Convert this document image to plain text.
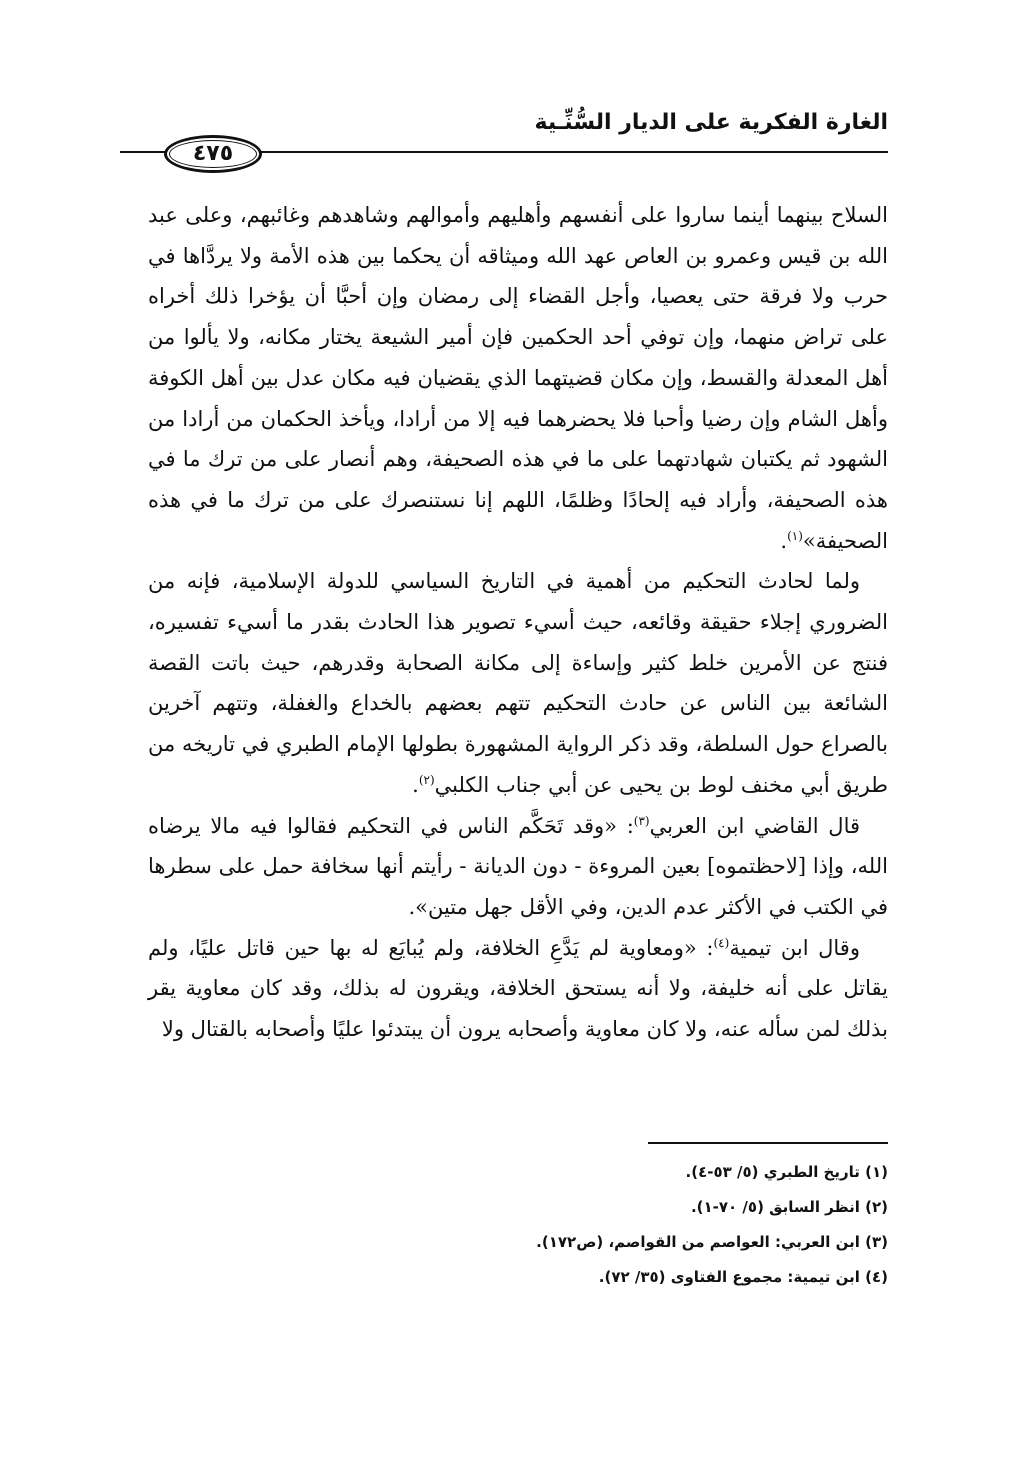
الغارة الفكرية على الديار السُّنِّـية
٤٧٥

السلاح بينهما أينما ساروا على أنفسهم وأهليهم وأموالهم وشاهدهم وغائبهم، وعلى عبد الله بن قيس وعمرو بن العاص عهد الله وميثاقه أن يحكما بين هذه الأمة ولا يردَّاها في حرب ولا فرقة حتى يعصيا، وأجل القضاء إلى رمضان وإن أحبَّا أن يؤخرا ذلك أخراه على تراض منهما، وإن توفي أحد الحكمين فإن أمير الشيعة يختار مكانه، ولا يألوا من أهل المعدلة والقسط، وإن مكان قضيتهما الذي يقضيان فيه مكان عدل بين أهل الكوفة وأهل الشام وإن رضيا وأحبا فلا يحضرهما فيه إلا من أرادا، ويأخذ الحكمان من أرادا من الشهود ثم يكتبان شهادتهما على ما في هذه الصحيفة، وهم أنصار على من ترك ما في هذه الصحيفة، وأراد فيه إلحادًا وظلمًا، اللهم إنا نستنصرك على من ترك ما في هذه الصحيفة»$^{(١)}$.

ولما لحادث التحكيم من أهمية في التاريخ السياسي للدولة الإسلامية، فإنه من الضروري إجلاء حقيقة وقائعه، حيث أسيء تصوير هذا الحادث بقدر ما أسيء تفسيره، فنتج عن الأمرين خلط كثير وإساءة إلى مكانة الصحابة وقدرهم، حيث باتت القصة الشائعة بين الناس عن حادث التحكيم تتهم بعضهم بالخداع والغفلة، وتتهم آخرين بالصراع حول السلطة، وقد ذكر الرواية المشهورة بطولها الإمام الطبري في تاريخه من طريق أبي مخنف لوط بن يحيى عن أبي جناب الكلبي$^{(٢)}$.

قال القاضي ابن العربي$^{(٣)}$: «وقد تَحَكَّم الناس في التحكيم فقالوا فيه مالا يرضاه الله، وإذا [لاحظتموه] بعين المروءة - دون الديانة - رأيتم أنها سخافة حمل على سطرها في الكتب في الأكثر عدم الدين، وفي الأقل جهل متين».

وقال ابن تيمية$^{(٤)}$: «ومعاوية لم يَدَّعِ الخلافة، ولم يُبايَع له بها حين قاتل عليًا، ولم يقاتل على أنه خليفة، ولا أنه يستحق الخلافة، ويقرون له بذلك، وقد كان معاوية يقر بذلك لمن سأله عنه، ولا كان معاوية وأصحابه يرون أن يبتدئوا عليًا وأصحابه بالقتال ولا

(١) تاريخ الطبري (٥/ ٥٣-٤).
(٢) انظر السابق (٥/ ٧٠-١).
(٣) ابن العربي: العواصم من القواصم، (ص١٧٢).
(٤) ابن تيمية: مجموع الفتاوى (٣٥/ ٧٢).
